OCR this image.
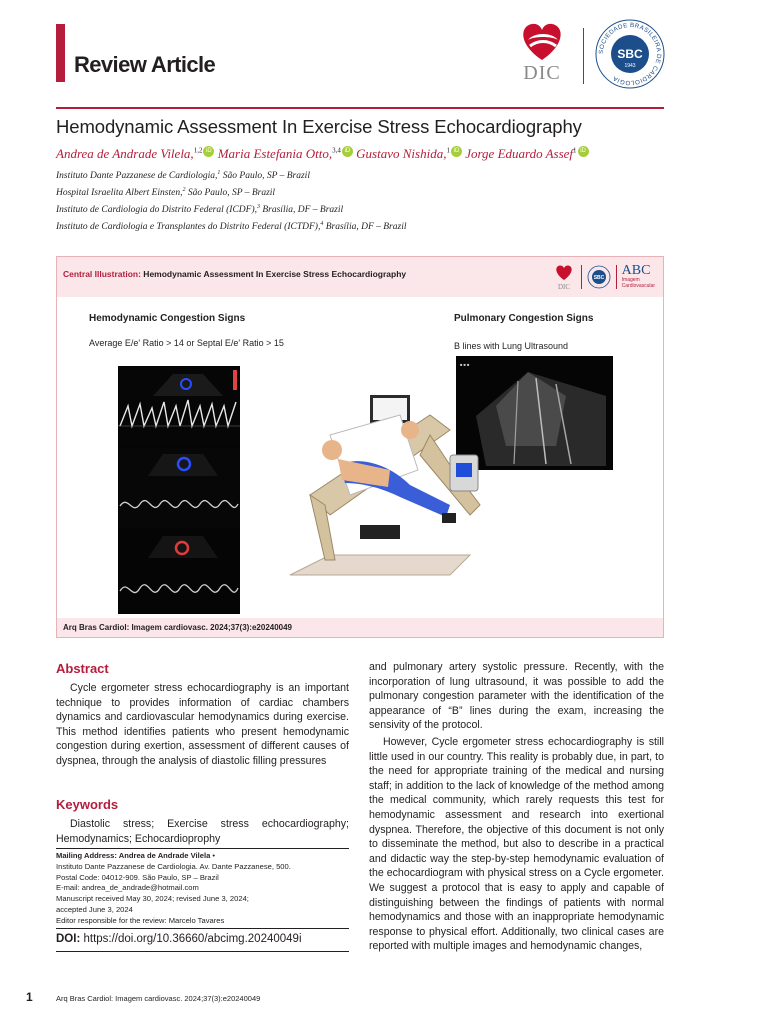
Review Article	DIC
SOCIEDADE BRASILEIRA DE CARDIOLOGIA
SBC
1943
Hemodynamic Assessment In Exercise Stress Echocardiography
Andrea de Andrade Vilela,$^{1,2}$ iD Maria Estefania Otto,$^{3,4}$ iD Gustavo Nishida,$^1$ iD Jorge Eduardo Assef$^1$ iD
Instituto Dante Pazzanese de Cardiologia,$^1$ São Paulo, SP – Brazil
Hospital Israelita Albert Einsten,$^2$ São Paulo, SP – Brazil
Instituto de Cardiologia do Distrito Federal (ICDF),$^3$ Brasília, DF – Brazil
Instituto de Cardiologia e Transplantes do Distrito Federal (ICTDF),$^4$ Brasília, DF – Brazil
Central Illustration: Hemodynamic Assessment In Exercise Stress Echocardiography
DIC
SBC ABC
Imagem
Cardiovascular
Hemodynamic Congestion Signs
Average E/e' Ratio > 14 or Septal E/e' Ratio > 15
Pulmonary Congestion Signs
B lines with Lung Ultrasound
■ ■ ■
Arq Bras Cardiol: Imagem cardiovasc. 2024;37(3):e20240049
Abstract
Cycle ergometer stress echocardiography is an important technique to provides information of cardiac chambers dynamics and cardiovascular hemodynamics during exercise. This method identifies patients who present hemodynamic congestion during exertion, assessment of different causes of dyspnea, through the analysis of diastolic filling pressures
Keywords
Diastolic stress; Exercise stress echocardiography; Hemodynamics; Echocardioprophy
Mailing Address: Andrea de Andrade Vilela •
Instituto Dante Pazzanese de Cardiologia. Av. Dante Pazzanese, 500.
Postal Code: 04012-909. São Paulo, SP – Brazil
E-mail: andrea_de_andrade@hotmail.com
Manuscript received May 30, 2024; revised June 3, 2024;
accepted June 3, 2024
Editor responsible for the review: Marcelo Tavares
DOI: https://doi.org/10.36660/abcimg.20240049i

and pulmonary artery systolic pressure. Recently, with the incorporation of lung ultrasound, it was possible to add the pulmonary congestion parameter with the identification of the appearance of “B” lines during the exam, increasing the sensivity of the protocol.

However, Cycle ergometer stress echocardiography is still little used in our country. This reality is probably due, in part, to the need for appropriate training of the medical and nursing staff; in addition to the lack of knowledge of the method among the medical community, which rarely requests this test for hemodynamic assessment and research into exertional dyspnea. Therefore, the objective of this document is not only to disseminate the method, but also to describe in a practical and didactic way the step-by-step hemodynamic evaluation of the echocardiogram with physical stress on a Cycle ergometer. We suggest a protocol that is easy to apply and capable of distinguishing between the findings of patients with normal hemodynamics and those with an inappropriate hemodynamic response to physical effort. Additionally, two clinical cases are reported with multiple images and hemodynamic changes,

1	Arq Bras Cardiol: Imagem cardiovasc. 2024;37(3):e20240049
